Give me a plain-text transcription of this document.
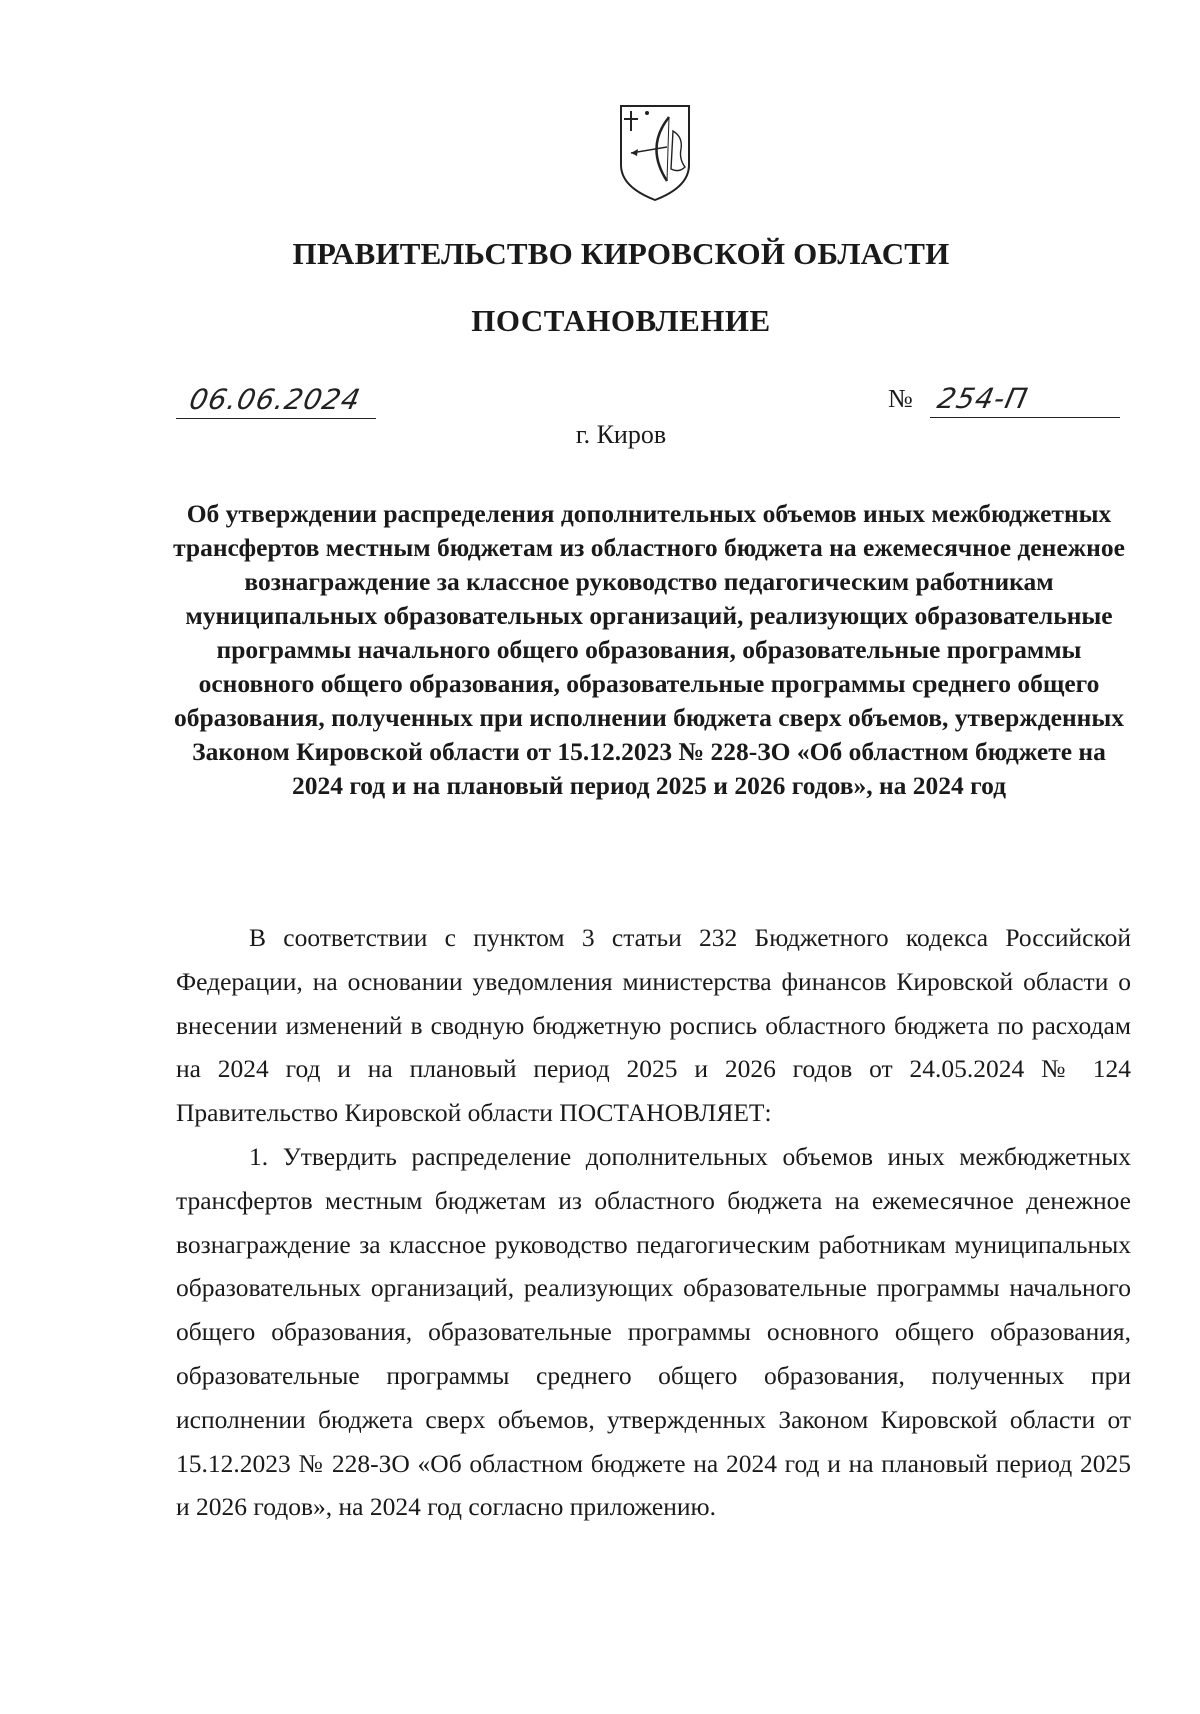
ПРАВИТЕЛЬСТВО КИРОВСКОЙ ОБЛАСТИ
ПОСТАНОВЛЕНИЕ
06.06.2024	№ 254-П
г. Киров
Об утверждении распределения дополнительных объемов иных межбюджетных трансфертов местным бюджетам из областного бюджета на ежемесячное денежное вознаграждение за классное руководство педагогическим работникам муниципальных образовательных организаций, реализующих образовательные программы начального общего образования, образовательные программы основного общего образования, образовательные программы среднего общего образования, полученных при исполнении бюджета сверх объемов, утвержденных Законом Кировской области от 15.12.2023 № 228-ЗО «Об областном бюджете на 2024 год и на плановый период 2025 и 2026 годов», на 2024 год

В соответствии с пунктом 3 статьи 232 Бюджетного кодекса Российской Федерации, на основании уведомления министерства финансов Кировской области о внесении изменений в сводную бюджетную роспись областного бюджета по расходам на 2024 год и на плановый период 2025 и 2026 годов от 24.05.2024 № 124 Правительство Кировской области ПОСТАНОВЛЯЕТ:

1. Утвердить распределение дополнительных объемов иных межбюджетных трансфертов местным бюджетам из областного бюджета на ежемесячное денежное вознаграждение за классное руководство педагогическим работникам муниципальных образовательных организаций, реализующих образовательные программы начального общего образования, образовательные программы основного общего образования, образовательные программы среднего общего образования, полученных при исполнении бюджета сверх объемов, утвержденных Законом Кировской области от 15.12.2023 № 228-ЗО «Об областном бюджете на 2024 год и на плановый период 2025 и 2026 годов», на 2024 год согласно приложению.
